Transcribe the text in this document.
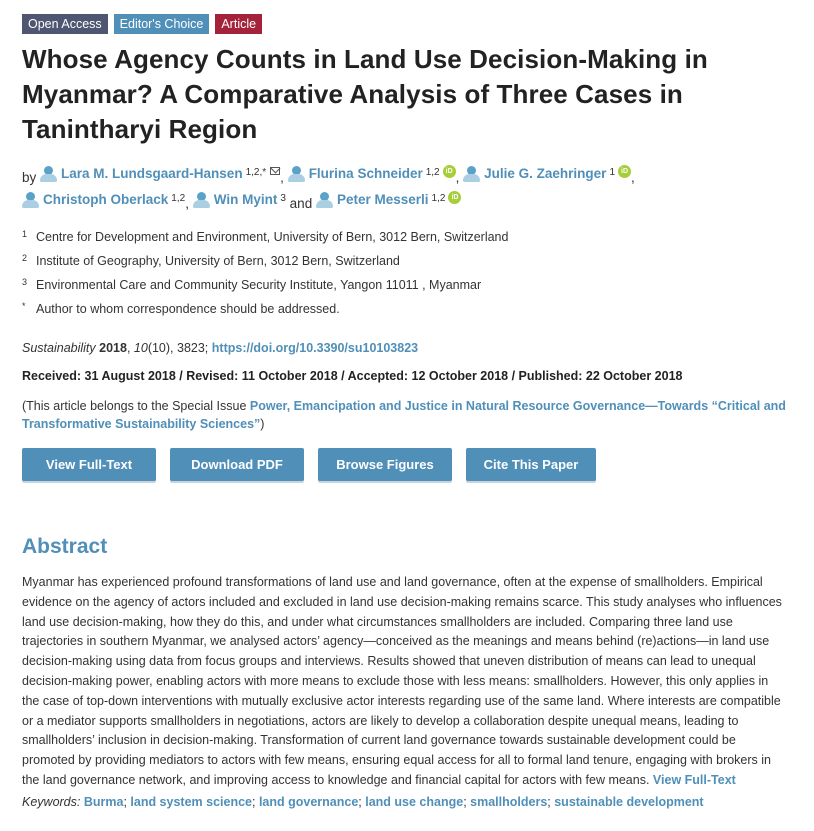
Open Access	Editor's Choice	Article
Whose Agency Counts in Land Use Decision-Making in Myanmar? A Comparative Analysis of Three Cases in Tanintharyi Region
by Lara M. Lundsgaard-Hansen $^{1,2,*}$ , Flurina Schneider $^{1,2}$ iD , Julie G. Zaehringer $^1$ iD ,

Christoph Oberlack $^{1,2}$ , Win Myint $^3$ and Peter Messerli $^{1,2}$ iD
1 Centre for Development and Environment, University of Bern, 3012 Bern, Switzerland
2 Institute of Geography, University of Bern, 3012 Bern, Switzerland
3 Environmental Care and Community Security Institute, Yangon 11011 , Myanmar
* Author to whom correspondence should be addressed.
Sustainability 2018, 10(10), 3823; https://doi.org/10.3390/su10103823
Received: 31 August 2018 / Revised: 11 October 2018 / Accepted: 12 October 2018 / Published: 22 October 2018
(This article belongs to the Special Issue Power, Emancipation and Justice in Natural Resource Governance—Towards “Critical and Transformative Sustainability Sciences”)
View Full-Text	Download PDF	Browse Figures	Cite This Paper
Abstract
Myanmar has experienced profound transformations of land use and land governance, often at the expense of smallholders. Empirical evidence on the agency of actors included and excluded in land use decision-making remains scarce. This study analyses who influences land use decision-making, how they do this, and under what circumstances smallholders are included. Comparing three land use trajectories in southern Myanmar, we analysed actors’ agency—conceived as the meanings and means behind (re)actions—in land use decision-making using data from focus groups and interviews. Results showed that uneven distribution of means can lead to unequal decision-making power, enabling actors with more means to exclude those with less means: smallholders. However, this only applies in the case of top-down interventions with mutually exclusive actor interests regarding use of the same land. Where interests are compatible or a mediator supports smallholders in negotiations, actors are likely to develop a collaboration despite unequal means, leading to smallholders’ inclusion in decision-making. Transformation of current land governance towards sustainable development could be promoted by providing mediators to actors with few means, ensuring equal access for all to formal land tenure, engaging with brokers in the land governance network, and improving access to knowledge and financial capital for actors with few means. View Full-Text
Keywords: Burma; land system science; land governance; land use change; smallholders; sustainable development
